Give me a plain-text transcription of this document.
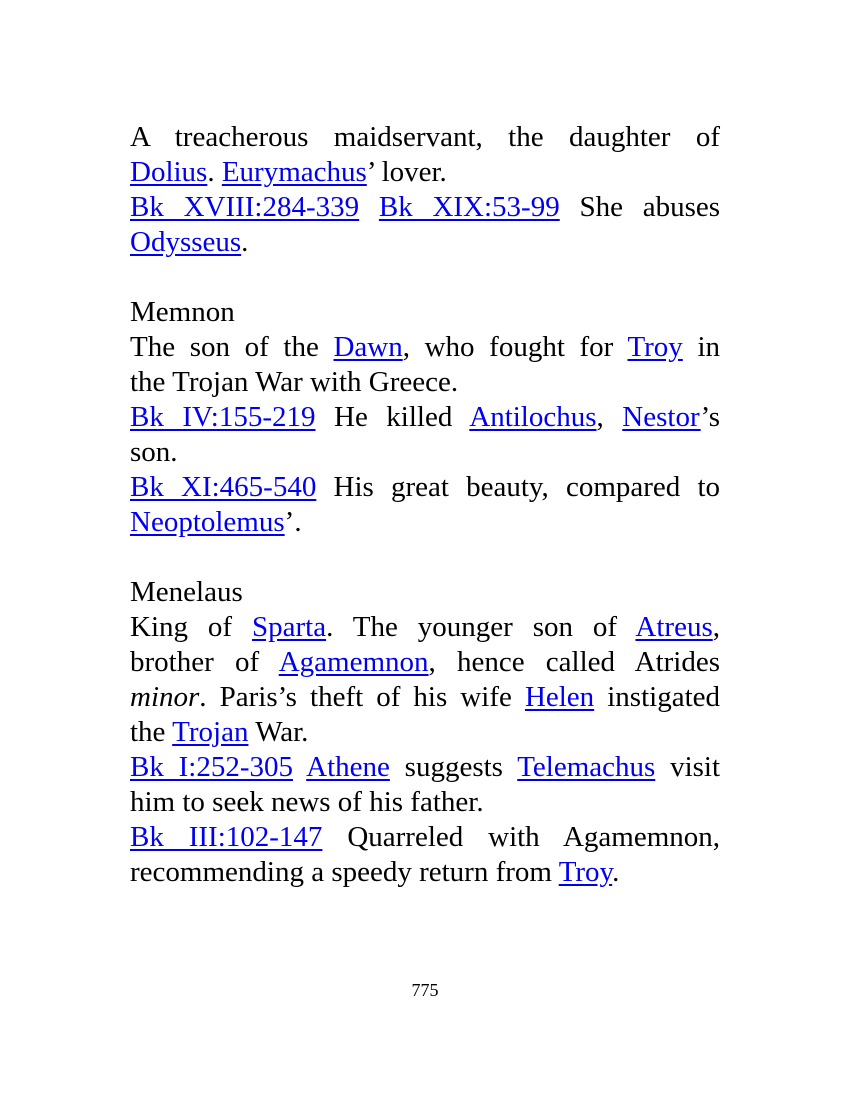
A treacherous maidservant, the daughter of
Dolius. Eurymachus’ lover.
Bk XVIII:284-339 Bk XIX:53-99 She abuses
Odysseus.
Memnon
The son of the Dawn, who fought for Troy in
the Trojan War with Greece.
Bk IV:155-219 He killed Antilochus, Nestor’s
son.
Bk XI:465-540 His great beauty, compared to
Neoptolemus’.
Menelaus
King of Sparta. The younger son of Atreus,
brother of Agamemnon, hence called Atrides
minor. Paris’s theft of his wife Helen instigated
the Trojan War.
Bk I:252-305 Athene suggests Telemachus visit
him to seek news of his father.
Bk III:102-147 Quarreled with Agamemnon,
recommending a speedy return from Troy.
775
